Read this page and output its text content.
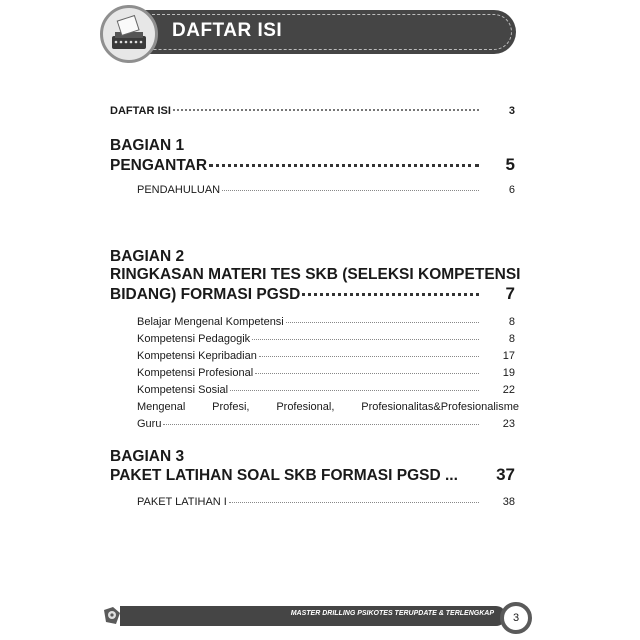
DAFTAR ISI
DAFTAR ISI	3
BAGIAN 1
PENGANTAR	5
PENDAHULUAN	6
BAGIAN 2
RINGKASAN MATERI TES SKB (SELEKSI KOMPETENSI
BIDANG) FORMASI PGSD	7
Belajar Mengenal Kompetensi	8
Kompetensi Pedagogik	8
Kompetensi Kepribadian	17
Kompetensi Profesional	19
Kompetensi Sosial	22
Mengenal Profesi, Profesional, Profesionalitas&Profesionalisme
Guru	23
BAGIAN 3
PAKET LATIHAN SOAL SKB FORMASI PGSD ...	37
PAKET LATIHAN I	38
MASTER DRILLING PSIKOTES TERUPDATE & TERLENGKAP	3
